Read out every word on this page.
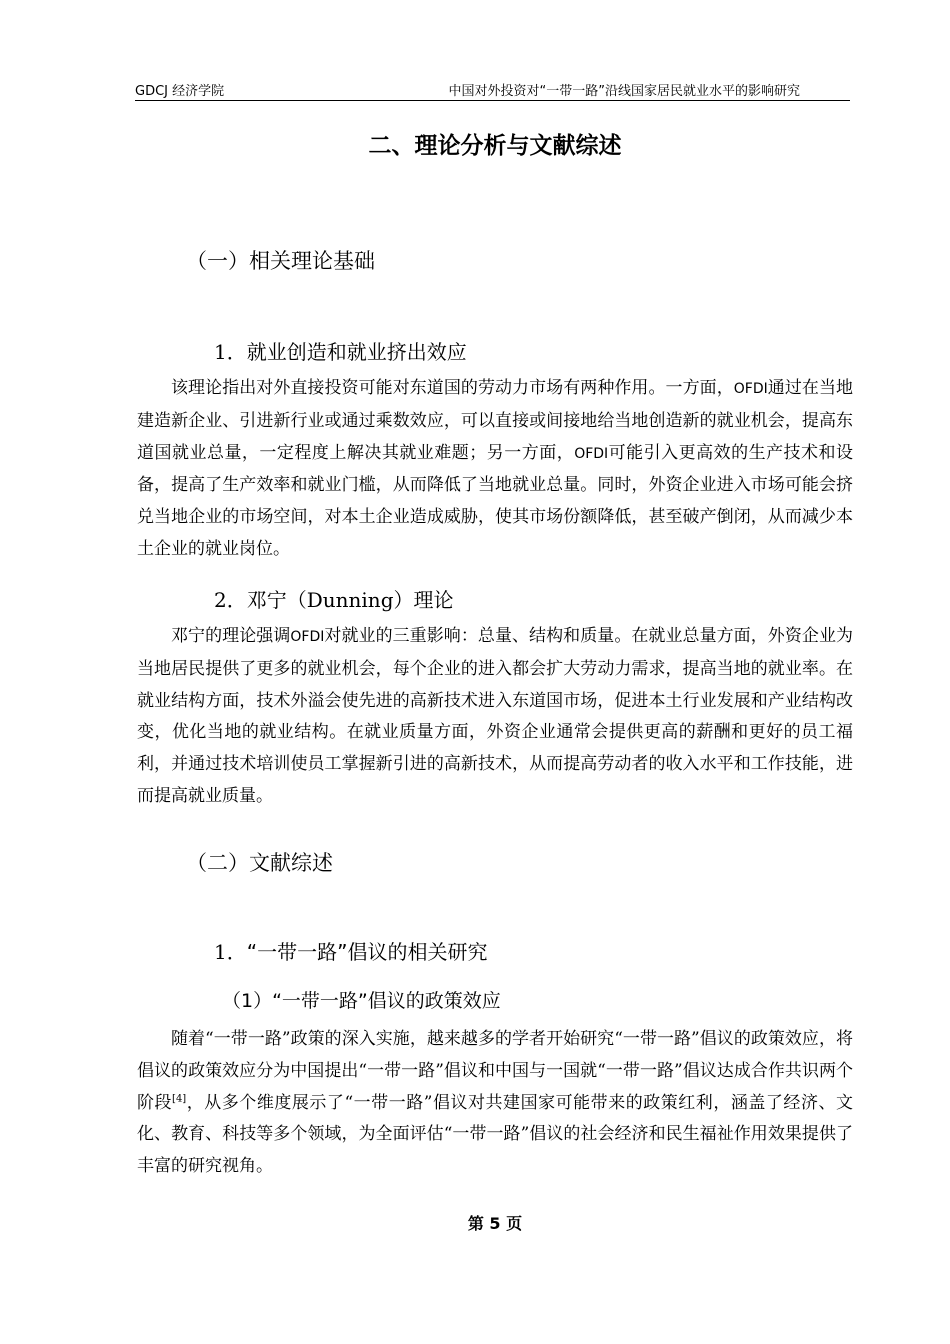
GDCJ 经济学院	中国对外投资对“一带一路”沿线国家居民就业水平的影响研究
二、理论分析与文献综述
（一）相关理论基础
1．就业创造和就业挤出效应

该理论指出对外直接投资可能对东道国的劳动力市场有两种作用。一方面，OFDI通过在当地建造新企业、引进新行业或通过乘数效应，可以直接或间接地给当地创造新的就业机会，提高东道国就业总量，一定程度上解决其就业难题；另一方面，OFDI可能引入更高效的生产技术和设备，提高了生产效率和就业门槛，从而降低了当地就业总量。同时，外资企业进入市场可能会挤兑当地企业的市场空间，对本土企业造成威胁，使其市场份额降低，甚至破产倒闭，从而减少本土企业的就业岗位。

2．邓宁（Dunning）理论

邓宁的理论强调OFDI对就业的三重影响：总量、结构和质量。在就业总量方面，外资企业为当地居民提供了更多的就业机会，每个企业的进入都会扩大劳动力需求，提高当地的就业率。在就业结构方面，技术外溢会使先进的高新技术进入东道国市场，促进本土行业发展和产业结构改变，优化当地的就业结构。在就业质量方面，外资企业通常会提供更高的薪酬和更好的员工福利，并通过技术培训使员工掌握新引进的高新技术，从而提高劳动者的收入水平和工作技能，进而提高就业质量。

（二）文献综述
1．“一带一路”倡议的相关研究
（1）“一带一路”倡议的政策效应

随着“一带一路”政策的深入实施，越来越多的学者开始研究“一带一路”倡议的政策效应，将倡议的政策效应分为中国提出“一带一路”倡议和中国与一国就“一带一路”倡议达成合作共识两个阶段[4]，从多个维度展示了“一带一路”倡议对共建国家可能带来的政策红利，涵盖了经济、文化、教育、科技等多个领域，为全面评估“一带一路”倡议的社会经济和民生福祉作用效果提供了丰富的研究视角。

第 5 页
